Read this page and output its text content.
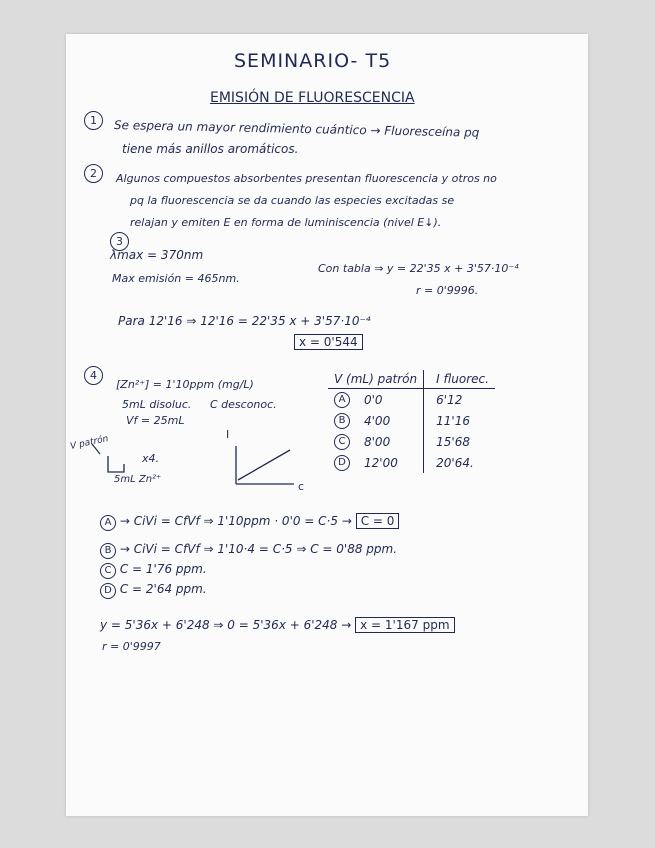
SEMINARIO- T5
EMISIÓN DE FLUORESCENCIA
1	Se espera un mayor rendimiento cuántico → Fluoresceína pq
tiene más anillos aromáticos.
2	Algunos compuestos absorbentes presentan fluorescencia y otros no
pq la fluorescencia se da cuando las especies excitadas se
relajan y emiten E en forma de luminiscencia (nivel E↓).
3
λmax = 370nm
Max emisión = 465nm.
Con tabla ⇒ y = 22'35 x + 3'57·10⁻⁴
r = 0'9996.
Para 12'16 ⇒ 12'16 = 22'35 x + 3'57·10⁻⁴
x = 0'544
4
[Zn²⁺] = 1'10ppm (mg/L)
5mL disoluc. C desconoc.
Vf = 25mL
V patrón
x4.
5mL Zn²⁺
I
c
V (mL) patrón		I fluorec.
A	0'0	6'12
B	4'00	11'16
C	8'00	15'68
D	12'00	20'64.
A → CiVi = CfVf ⇒ 1'10ppm · 0'0 = C·5 → C = 0
B → CiVi = CfVf ⇒ 1'10·4 = C·5 ⇒ C = 0'88 ppm.
C C = 1'76 ppm.
D C = 2'64 ppm.
y = 5'36x + 6'248 ⇒ 0 = 5'36x + 6'248 → x = 1'167 ppm
r = 0'9997
